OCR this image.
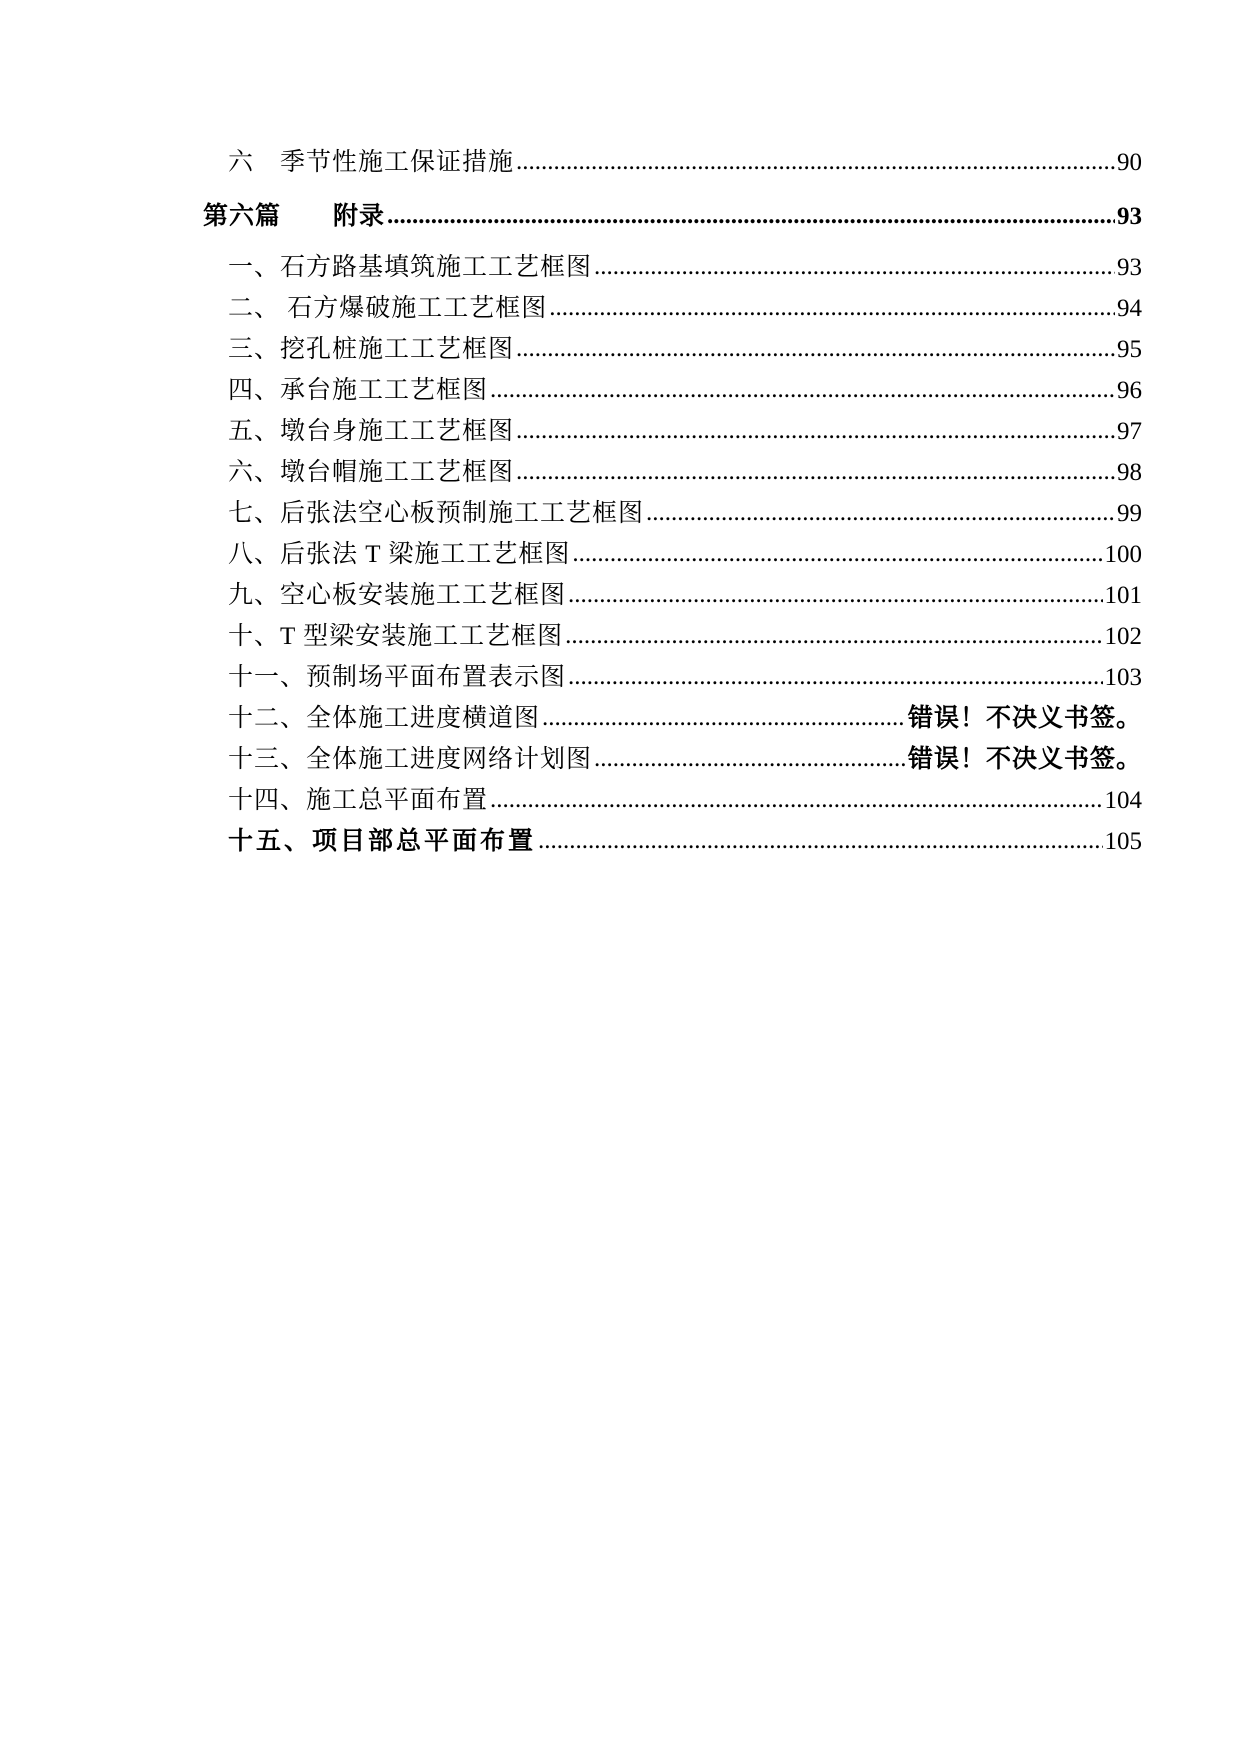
六　季节性施工保证措施 .....	90
第六篇　　附录 .....	93
一、石方路基填筑施工工艺框图 .....	93
二、 石方爆破施工工艺框图 .....	94
三、挖孔桩施工工艺框图 .....	95
四、承台施工工艺框图 .....	96
五、墩台身施工工艺框图 .....	97
六、墩台帽施工工艺框图 .....	98
七、后张法空心板预制施工工艺框图 .....	99
八、后张法 T 梁施工工艺框图 .....	100
九、空心板安装施工工艺框图 .....	101
十、T 型梁安装施工工艺框图 .....	102
十一、预制场平面布置表示图 .....	103
十二、全体施工进度横道图 .....	错误！不决义书签。
十三、全体施工进度网络计划图 .....	错误！不决义书签。
十四、施工总平面布置 .....	104
十五、项目部总平面布置 .....	105
